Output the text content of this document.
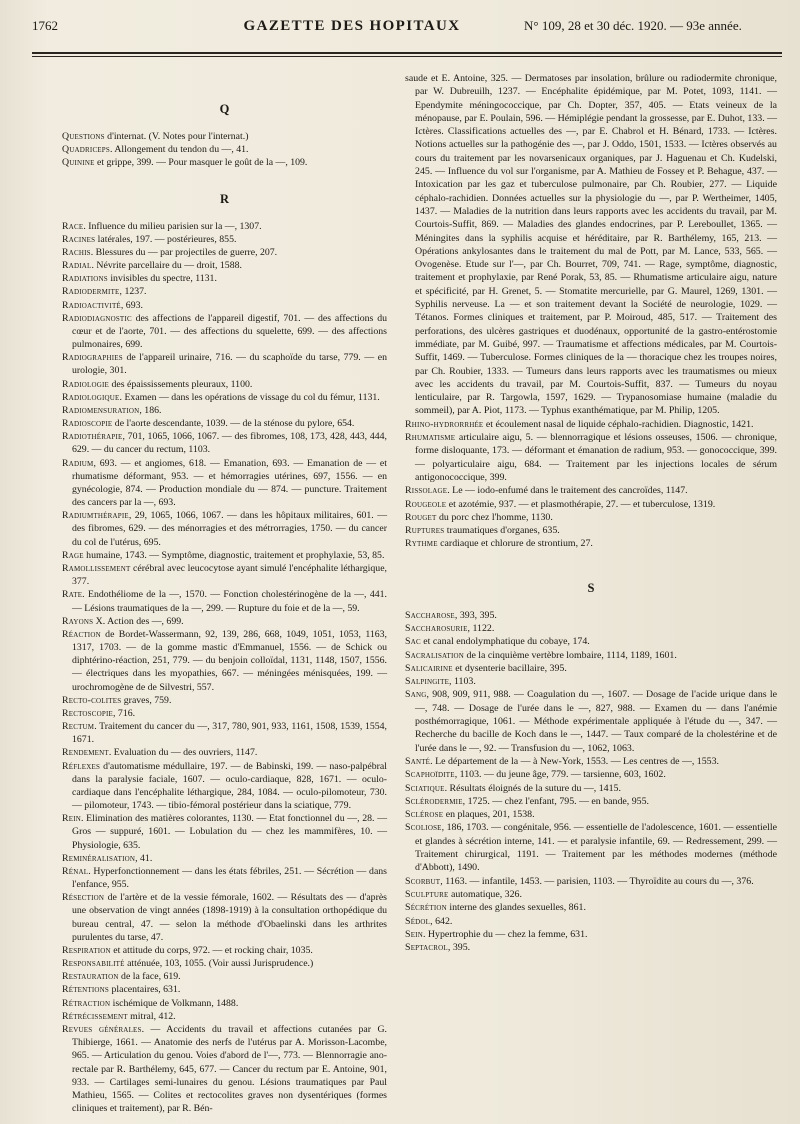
1762	GAZETTE DES HOPITAUX	N° 109, 28 et 30 déc. 1920. — 93e année.

Q

Questions d'internat. (V. Notes pour l'internat.)

Quadriceps. Allongement du tendon du —, 41.

Quinine et grippe, 399. — Pour masquer le goût de la —, 109.

R

Race. Influence du milieu parisien sur la —, 1307.

Racines latérales, 197. — postérieures, 855.

Rachis. Blessures du — par projectiles de guerre, 207.

Radial. Névrite parcellaire du — droit, 1588.

Radiations invisibles du spectre, 1131.

Radiodermite, 1237.

Radioactivité, 693.

Radiodiagnostic des affections de l'appareil digestif, 701. — des affections du cœur et de l'aorte, 701. — des affections du squelette, 699. — des affections pulmonaires, 699.

Radiographies de l'appareil urinaire, 716. — du scaphoïde du tarse, 779. — en urologie, 301.

Radiologie des épaississements pleuraux, 1100.

Radiologique. Examen — dans les opérations de vissage du col du fémur, 1131.

Radiomensuration, 186.

Radioscopie de l'aorte descendante, 1039. — de la sténose du pylore, 654.

Radiothérapie, 701, 1065, 1066, 1067. — des fibromes, 108, 173, 428, 443, 444, 629. — du cancer du rectum, 1103.

Radium, 693. — et angiomes, 618. — Emanation, 693. — Emanation de — et rhumatisme déformant, 953. — et hémorragies utérines, 697, 1556. — en gynécologie, 874. — Production mondiale du — 874. — puncture. Traitement des cancers par la —, 693.

Radiumthérapie, 29, 1065, 1066, 1067. — dans les hôpitaux militaires, 601. — des fibromes, 629. — des ménorragies et des métrorragies, 1750. — du cancer du col de l'utérus, 695.

Rage humaine, 1743. — Symptôme, diagnostic, traitement et prophylaxie, 53, 85.

Ramollissement cérébral avec leucocytose ayant simulé l'encéphalite léthargique, 377.

Rate. Endothéliome de la —, 1570. — Fonction cholestérinogène de la —, 441. — Lésions traumatiques de la —, 299. — Rupture du foie et de la —, 59.

Rayons X. Action des —, 699.

Réaction de Bordet-Wassermann, 92, 139, 286, 668, 1049, 1051, 1053, 1163, 1317, 1703. — de la gomme mastic d'Emmanuel, 1556. — de Schick ou diphtérino-réaction, 251, 779. — du benjoin colloïdal, 1131, 1148, 1507, 1556. — électriques dans les myopathies, 667. — méningées ménisquées, 199. — urochromogène de de Silvestri, 557.

Recto-colites graves, 759.

Rectoscopie, 716.

Rectum. Traitement du cancer du —, 317, 780, 901, 933, 1161, 1508, 1539, 1554, 1671.

Rendement. Evaluation du — des ouvriers, 1147.

Réflexes d'automatisme médullaire, 197. — de Babinski, 199. — naso-palpébral dans la paralysie faciale, 1607. — oculo-cardiaque, 828, 1671. — oculo-cardiaque dans l'encéphalite léthargique, 284, 1084. — oculo-pilomoteur, 730. — pilomoteur, 1743. — tibio-fémoral postérieur dans la sciatique, 779.

Rein. Elimination des matières colorantes, 1130. — Etat fonctionnel du —, 28. — Gros — suppuré, 1601. — Lobulation du — chez les mammifères, 10. — Physiologie, 635.

Reminéralisation, 41.

Rénal. Hyperfonctionnement — dans les états fébriles, 251. — Sécrétion — dans l'enfance, 955.

Résection de l'artère et de la vessie fémorale, 1602. — Résultats des — d'après une observation de vingt années (1898-1919) à la consultation orthopédique du bureau central, 47. — selon la méthode d'Obaelinski dans les arthrites purulentes du tarse, 47.

Respiration et attitude du corps, 972. — et rocking chair, 1035.

Responsabilité atténuée, 103, 1055. (Voir aussi Jurisprudence.)

Restauration de la face, 619.

Rétentions placentaires, 631.

Rétraction ischémique de Volkmann, 1488.

Rétrécissement mitral, 412.

Revues générales. — Accidents du travail et affections cutanées par G. Thibierge, 1661. — Anatomie des nerfs de l'utérus par A. Morisson-Lacombe, 965. — Articulation du genou. Voies d'abord de l'—, 773. — Blennorragie ano-rectale par R. Barthélemy, 645, 677. — Cancer du rectum par E. Antoine, 901, 933. — Cartilages semi-lunaires du genou. Lésions traumatiques par Paul Mathieu, 1565. — Colites et rectocolites graves non dysentériques (formes cliniques et traitement), par R. Bén-

saude et E. Antoine, 325. — Dermatoses par insolation, brûlure ou radiodermite chronique, par W. Dubreuilh, 1237. — Encéphalite épidémique, par M. Potet, 1093, 1141. — Ependymite méningococcique, par Ch. Dopter, 357, 405. — Etats veineux de la ménopause, par E. Poulain, 596. — Hémiplégie pendant la grossesse, par E. Duhot, 133. — Ictères. Classifications actuelles des —, par E. Chabrol et H. Bénard, 1733. — Ictères. Notions actuelles sur la pathogénie des —, par J. Oddo, 1501, 1533. — Ictères observés au cours du traitement par les novarsenicaux organiques, par J. Haguenau et Ch. Kudelski, 245. — Influence du vol sur l'organisme, par A. Mathieu de Fossey et P. Behague, 437. — Intoxication par les gaz et tuberculose pulmonaire, par Ch. Roubier, 277. — Liquide céphalo-rachidien. Données actuelles sur la physiologie du —, par P. Wertheimer, 1405, 1437. — Maladies de la nutrition dans leurs rapports avec les accidents du travail, par M. Courtois-Suffit, 869. — Maladies des glandes endocrines, par P. Lereboullet, 1365. — Méningites dans la syphilis acquise et héréditaire, par R. Barthélemy, 165, 213. — Opérations ankylosantes dans le traitement du mal de Pott, par M. Lance, 533, 565. — Ovogenèse. Etude sur l'—, par Ch. Bourret, 709, 741. — Rage, symptôme, diagnostic, traitement et prophylaxie, par René Porak, 53, 85. — Rhumatisme articulaire aigu, nature et spécificité, par H. Grenet, 5. — Stomatite mercurielle, par G. Maurel, 1269, 1301. — Syphilis nerveuse. La — et son traitement devant la Société de neurologie, 1029. — Tétanos. Formes cliniques et traitement, par P. Moiroud, 485, 517. — Traitement des perforations, des ulcères gastriques et duodénaux, opportunité de la gastro-entérostomie immédiate, par M. Guibé, 997. — Traumatisme et affections médicales, par M. Courtois-Suffit, 1469. — Tuberculose. Formes cliniques de la — thoracique chez les troupes noires, par Ch. Roubier, 1333. — Tumeurs dans leurs rapports avec les traumatismes ou mieux avec les accidents du travail, par M. Courtois-Suffit, 837. — Tumeurs du noyau lenticulaire, par R. Targowla, 1597, 1629. — Trypanosomiase humaine (maladie du sommeil), par A. Piot, 1173. — Typhus exanthématique, par M. Philip, 1205.

Rhino-hydrorrhée et écoulement nasal de liquide céphalo-rachidien. Diagnostic, 1421.

Rhumatisme articulaire aigu, 5. — blennorragique et lésions osseuses, 1506. — chronique, forme disloquante, 173. — déformant et émanation de radium, 953. — gonococcique, 399. — polyarticulaire aigu, 684. — Traitement par les injections locales de sérum antigonococcique, 399.

Rissolage. Le — iodo-enfumé dans le traitement des cancroïdes, 1147.

Rougeole et azotémie, 937. — et plasmothérapie, 27. — et tuberculose, 1319.

Rouget du porc chez l'homme, 1130.

Ruptures traumatiques d'organes, 635.

Rythme cardiaque et chlorure de strontium, 27.

S

Saccharose, 393, 395.

Saccharosurie, 1122.

Sac et canal endolymphatique du cobaye, 174.

Sacralisation de la cinquième vertèbre lombaire, 1114, 1189, 1601.

Salicairine et dysenterie bacillaire, 395.

Salpingite, 1103.

Sang, 908, 909, 911, 988. — Coagulation du —, 1607. — Dosage de l'acide urique dans le —, 748. — Dosage de l'urée dans le —, 827, 988. — Examen du — dans l'anémie posthémorragique, 1061. — Méthode expérimentale appliquée à l'étude du —, 347. — Recherche du bacille de Koch dans le —, 1447. — Taux comparé de la cholestérine et de l'urée dans le —, 92. — Transfusion du —, 1062, 1063.

Santé. Le département de la — à New-York, 1553. — Les centres de —, 1553.

Scaphoïdite, 1103. — du jeune âge, 779. — tarsienne, 603, 1602.

Sciatique. Résultats éloignés de la suture du —, 1415.

Sclérodermie, 1725. — chez l'enfant, 795. — en bande, 955.

Sclérose en plaques, 201, 1538.

Scoliose, 186, 1703. — congénitale, 956. — essentielle de l'adolescence, 1601. — essentielle et glandes à sécrétion interne, 141. — et paralysie infantile, 69. — Redressement, 299. — Traitement chirurgical, 1191. — Traitement par les méthodes modernes (méthode d'Abbott), 1490.

Scorbut, 1163. — infantile, 1453. — parisien, 1103. — Thyroïdite au cours du —, 376.

Sculpture automatique, 326.

Sécrétion interne des glandes sexuelles, 861.

Sédol, 642.

Sein. Hypertrophie du — chez la femme, 631.

Septacrol, 395.
